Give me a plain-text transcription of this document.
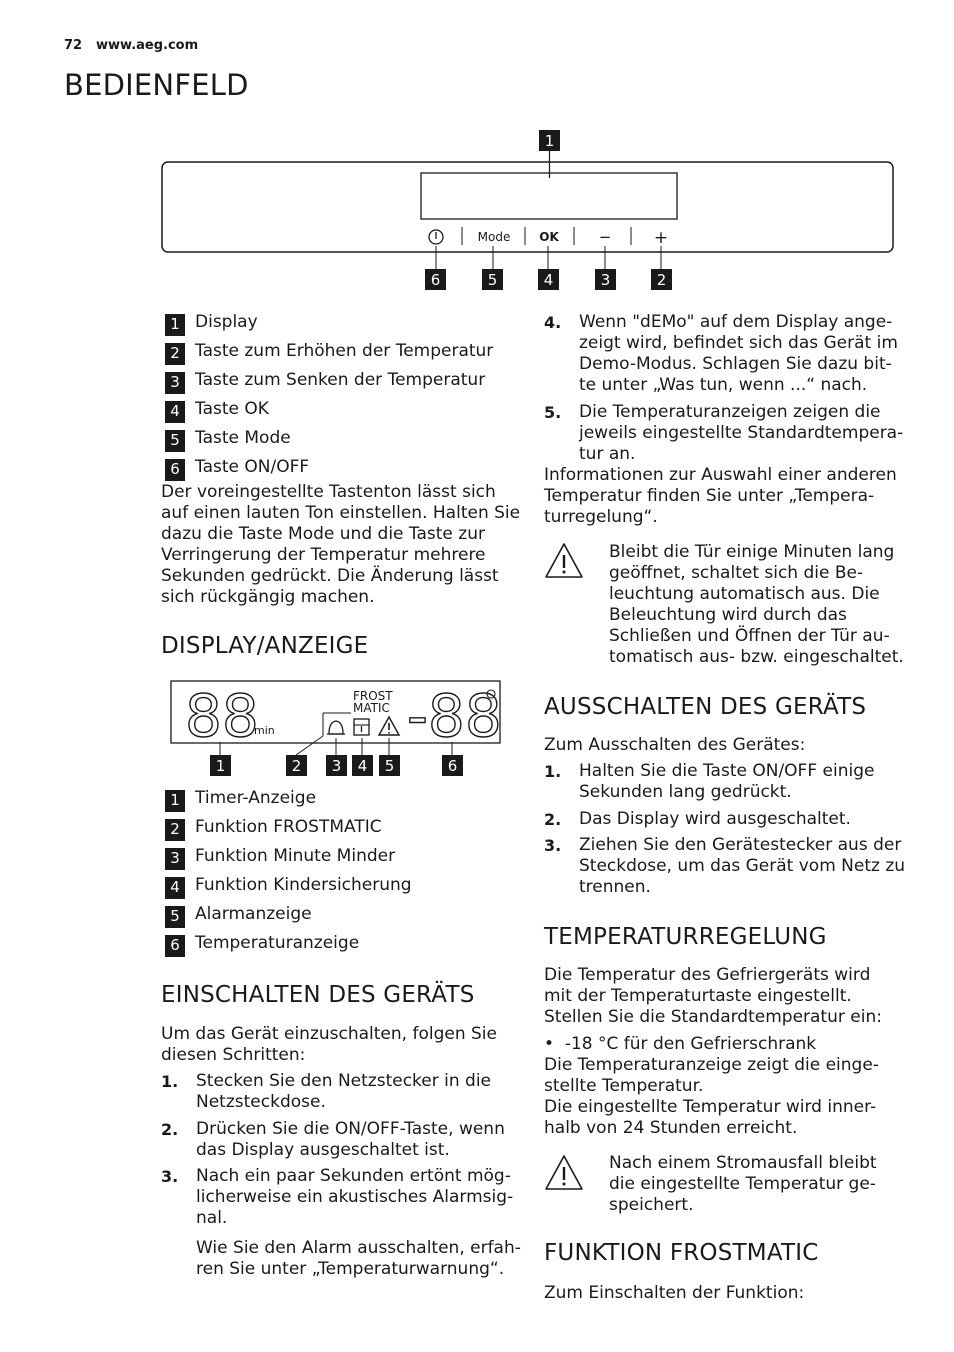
72 www.aeg.com
BEDIENFELD
1
Mode OK	−	+
6	5	4	3	2
1 Display
2 Taste zum Erhöhen der Temperatur
3 Taste zum Senken der Temperatur
4 Taste OK
5 Taste Mode
6 Taste ON/OFF
Der voreingestellte Tastenton lässt sich
auf einen lauten Ton einstellen. Halten Sie
dazu die Taste Mode und die Taste zur
Verringerung der Temperatur mehrere
Sekunden gedrückt. Die Änderung lässt
sich rückgängig machen.
DISPLAY/ANZEIGE
88
min
FROST
MATIC -88
1	2 3 4 5	6
1 Timer-Anzeige
2 Funktion FROSTMATIC
3 Funktion Minute Minder
4 Funktion Kindersicherung
5 Alarmanzeige
6 Temperaturanzeige
EINSCHALTEN DES GERÄTS
Um das Gerät einzuschalten, folgen Sie
diesen Schritten:
1. Stecken Sie den Netzstecker in die
Netzsteckdose.
2. Drücken Sie die ON/OFF-Taste, wenn
das Display ausgeschaltet ist.
3. Nach ein paar Sekunden ertönt mög-
licherweise ein akustisches Alarmsig-
nal.
Wie Sie den Alarm ausschalten, erfah-
ren Sie unter „Temperaturwarnung“.
4. Wenn "dEMo" auf dem Display ange-
zeigt wird, befindet sich das Gerät im
Demo-Modus. Schlagen Sie dazu bit-
te unter „Was tun, wenn ...“ nach.
5. Die Temperaturanzeigen zeigen die
jeweils eingestellte Standardtempera-
tur an.
Informationen zur Auswahl einer anderen
Temperatur finden Sie unter „Tempera-
turregelung“.
Bleibt die Tür einige Minuten lang
geöffnet, schaltet sich die Be-
leuchtung automatisch aus. Die
Beleuchtung wird durch das
Schließen und Öffnen der Tür au-
tomatisch aus- bzw. eingeschaltet.
AUSSCHALTEN DES GERÄTS
Zum Ausschalten des Gerätes:
1. Halten Sie die Taste ON/OFF einige
Sekunden lang gedrückt.
2. Das Display wird ausgeschaltet.
3. Ziehen Sie den Gerätestecker aus der
Steckdose, um das Gerät vom Netz zu
trennen.
TEMPERATURREGELUNG
Die Temperatur des Gefriergeräts wird
mit der Temperaturtaste eingestellt.
Stellen Sie die Standardtemperatur ein:
• -18 °C für den Gefrierschrank
Die Temperaturanzeige zeigt die einge-
stellte Temperatur.
Die eingestellte Temperatur wird inner-
halb von 24 Stunden erreicht.
Nach einem Stromausfall bleibt
die eingestellte Temperatur ge-
speichert.
FUNKTION FROSTMATIC
Zum Einschalten der Funktion:
